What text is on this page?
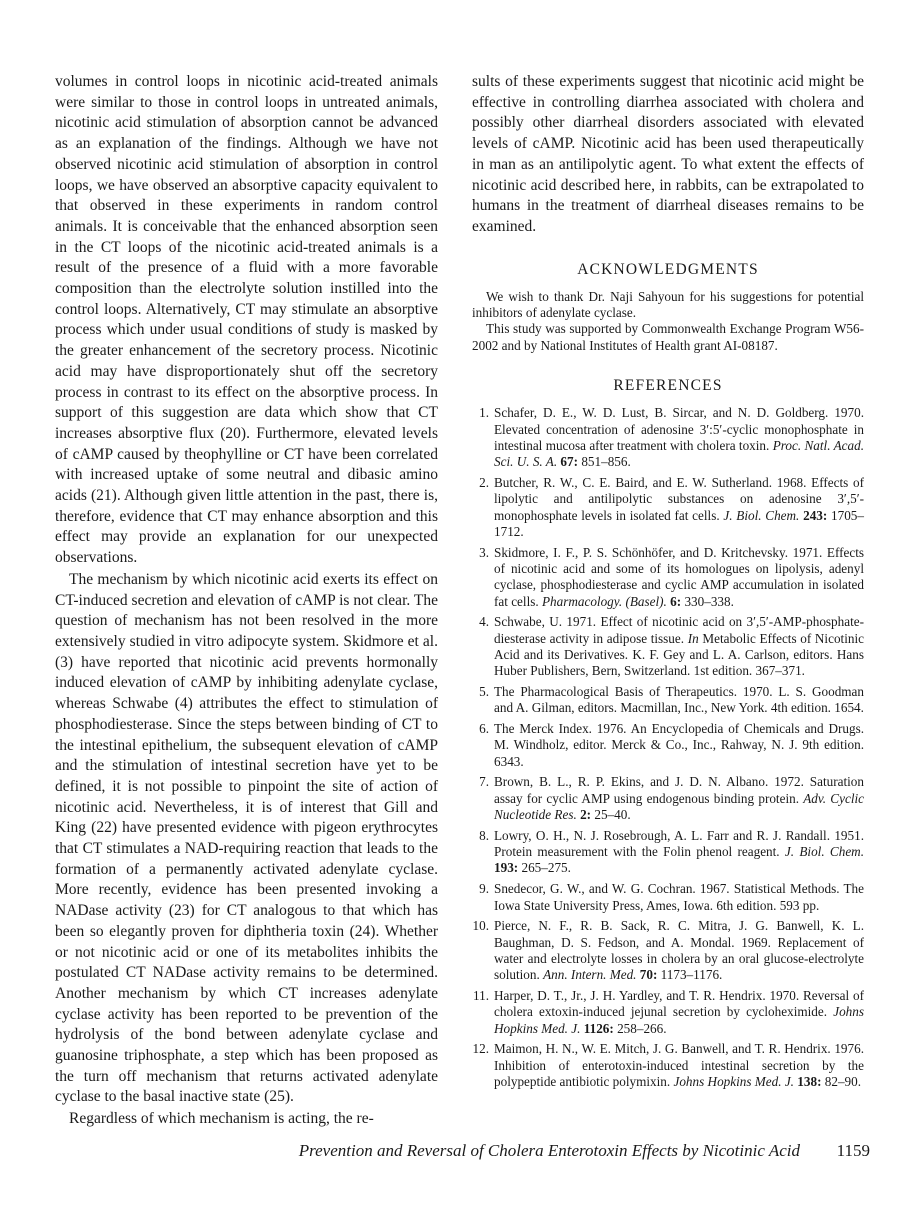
volumes in control loops in nicotinic acid-treated animals were similar to those in control loops in untreated animals, nicotinic acid stimulation of absorption cannot be advanced as an explanation of the findings. Although we have not observed nicotinic acid stimulation of absorption in control loops, we have observed an absorptive capacity equivalent to that observed in these experiments in random control animals. It is conceivable that the enhanced absorption seen in the CT loops of the nicotinic acid-treated animals is a result of the presence of a fluid with a more favorable composition than the electrolyte solution instilled into the control loops. Alternatively, CT may stimulate an absorptive process which under usual conditions of study is masked by the greater enhancement of the secretory process. Nicotinic acid may have disproportionately shut off the secretory process in contrast to its effect on the absorptive process. In support of this suggestion are data which show that CT increases absorptive flux (20). Furthermore, elevated levels of cAMP caused by theophylline or CT have been correlated with increased uptake of some neutral and dibasic amino acids (21). Although given little attention in the past, there is, therefore, evidence that CT may enhance absorption and this effect may provide an explanation for our unexpected observations.

The mechanism by which nicotinic acid exerts its effect on CT-induced secretion and elevation of cAMP is not clear. The question of mechanism has not been resolved in the more extensively studied in vitro adipocyte system. Skidmore et al. (3) have reported that nicotinic acid prevents hormonally induced elevation of cAMP by inhibiting adenylate cyclase, whereas Schwabe (4) attributes the effect to stimulation of phosphodiesterase. Since the steps between binding of CT to the intestinal epithelium, the subsequent elevation of cAMP and the stimulation of intestinal secretion have yet to be defined, it is not possible to pinpoint the site of action of nicotinic acid. Nevertheless, it is of interest that Gill and King (22) have presented evidence with pigeon erythrocytes that CT stimulates a NAD-requiring reaction that leads to the formation of a permanently activated adenylate cyclase. More recently, evidence has been presented invoking a NADase activity (23) for CT analogous to that which has been so elegantly proven for diphtheria toxin (24). Whether or not nicotinic acid or one of its metabolites inhibits the postulated CT NADase activity remains to be determined. Another mechanism by which CT increases adenylate cyclase activity has been reported to be prevention of the hydrolysis of the bond between adenylate cyclase and guanosine triphosphate, a step which has been proposed as the turn off mechanism that returns activated adenylate cyclase to the basal inactive state (25).

Regardless of which mechanism is acting, the re-

sults of these experiments suggest that nicotinic acid might be effective in controlling diarrhea associated with cholera and possibly other diarrheal disorders associated with elevated levels of cAMP. Nicotinic acid has been used therapeutically in man as an antilipolytic agent. To what extent the effects of nicotinic acid described here, in rabbits, can be extrapolated to humans in the treatment of diarrheal diseases remains to be examined.

ACKNOWLEDGMENTS

We wish to thank Dr. Naji Sahyoun for his suggestions for potential inhibitors of adenylate cyclase.

This study was supported by Commonwealth Exchange Program W56-2002 and by National Institutes of Health grant AI-08187.

REFERENCES
1. Schafer, D. E., W. D. Lust, B. Sircar, and N. D. Goldberg. 1970. Elevated concentration of adenosine 3′:5′-cyclic monophosphate in intestinal mucosa after treatment with cholera toxin. Proc. Natl. Acad. Sci. U. S. A. 67: 851–856.
2. Butcher, R. W., C. E. Baird, and E. W. Sutherland. 1968. Effects of lipolytic and antilipolytic substances on adenosine 3′,5′-monophosphate levels in isolated fat cells. J. Biol. Chem. 243: 1705–1712.
3. Skidmore, I. F., P. S. Schönhöfer, and D. Kritchevsky. 1971. Effects of nicotinic acid and some of its homologues on lipolysis, adenyl cyclase, phosphodiesterase and cyclic AMP accumulation in isolated fat cells. Pharmacology. (Basel). 6: 330–338.
4. Schwabe, U. 1971. Effect of nicotinic acid on 3′,5′-AMP-phosphate-diesterase activity in adipose tissue. In Metabolic Effects of Nicotinic Acid and its Derivatives. K. F. Gey and L. A. Carlson, editors. Hans Huber Publishers, Bern, Switzerland. 1st edition. 367–371.
5. The Pharmacological Basis of Therapeutics. 1970. L. S. Goodman and A. Gilman, editors. Macmillan, Inc., New York. 4th edition. 1654.
6. The Merck Index. 1976. An Encyclopedia of Chemicals and Drugs. M. Windholz, editor. Merck & Co., Inc., Rahway, N. J. 9th edition. 6343.
7. Brown, B. L., R. P. Ekins, and J. D. N. Albano. 1972. Saturation assay for cyclic AMP using endogenous binding protein. Adv. Cyclic Nucleotide Res. 2: 25–40.
8. Lowry, O. H., N. J. Rosebrough, A. L. Farr and R. J. Randall. 1951. Protein measurement with the Folin phenol reagent. J. Biol. Chem. 193: 265–275.
9. Snedecor, G. W., and W. G. Cochran. 1967. Statistical Methods. The Iowa State University Press, Ames, Iowa. 6th edition. 593 pp.
10. Pierce, N. F., R. B. Sack, R. C. Mitra, J. G. Banwell, K. L. Baughman, D. S. Fedson, and A. Mondal. 1969. Replacement of water and electrolyte losses in cholera by an oral glucose-electrolyte solution. Ann. Intern. Med. 70: 1173–1176.
11. Harper, D. T., Jr., J. H. Yardley, and T. R. Hendrix. 1970. Reversal of cholera extoxin-induced jejunal secretion by cycloheximide. Johns Hopkins Med. J. 1126: 258–266.
12. Maimon, H. N., W. E. Mitch, J. G. Banwell, and T. R. Hendrix. 1976. Inhibition of enterotoxin-induced intestinal secretion by the polypeptide antibiotic polymixin. Johns Hopkins Med. J. 138: 82–90.
Prevention and Reversal of Cholera Enterotoxin Effects by Nicotinic Acid 1159
